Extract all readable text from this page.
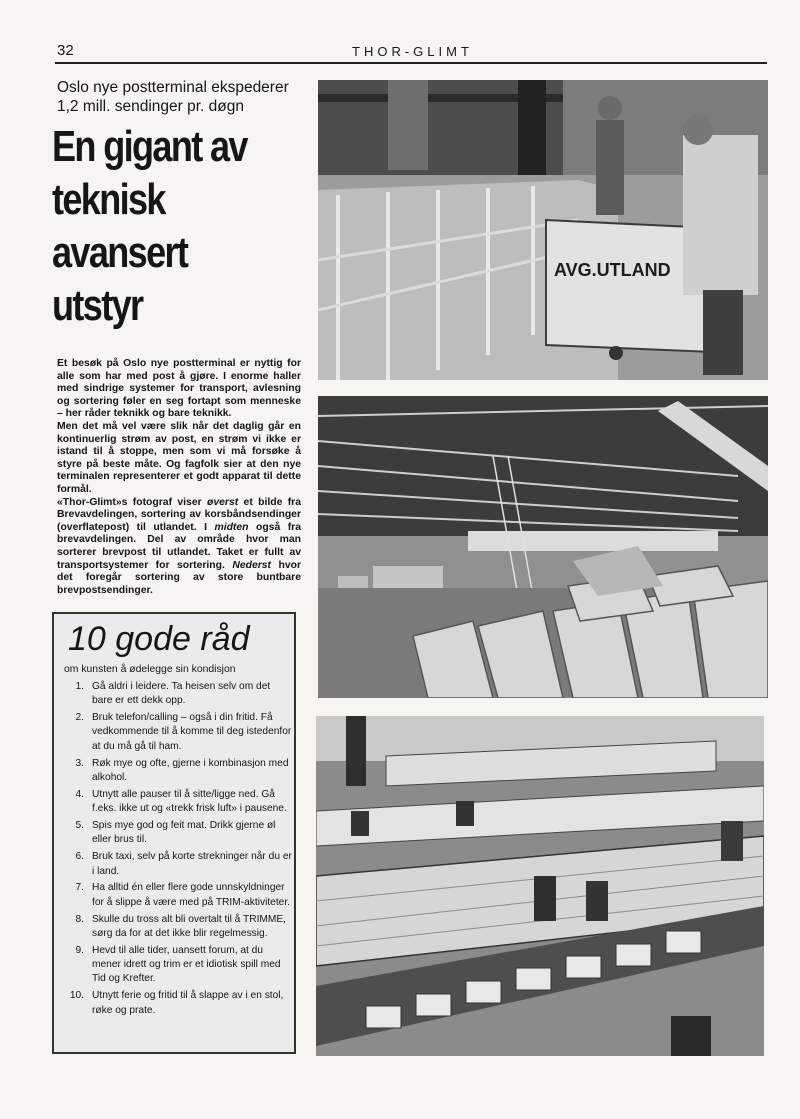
32	THOR-GLIMT
Oslo nye postterminal ekspederer 1,2 mill. sendinger pr. døgn
En gigant av teknisk avansert utstyr

Et besøk på Oslo nye postterminal er nyttig for alle som har med post å gjøre. I enorme haller med sindrige systemer for transport, avlesning og sortering føler en seg fortapt som menneske – her råder teknikk og bare teknikk.

Men det må vel være slik når det daglig går en kontinuerlig strøm av post, en strøm vi ikke er istand til å stoppe, men som vi må forsøke å styre på beste måte. Og fagfolk sier at den nye terminalen representerer et godt apparat til dette formål.

«Thor-Glimt»s fotograf viser øverst et bilde fra Brevavdelingen, sortering av korsbåndsendinger (overflatepost) til utlandet. I midten også fra brevavdelingen. Del av område hvor man sorterer brevpost til utlandet. Taket er fullt av transportsystemer for sortering. Nederst hvor det foregår sortering av store buntbare brevpostsendinger.

10 gode råd
om kunsten å ødelegge sin kondisjon
1. Gå aldri i leidere. Ta heisen selv om det bare er ett dekk opp.
2. Bruk telefon/calling – også i din fritid. Få vedkommende til å komme til deg istedenfor at du må gå til ham.
3. Røk mye og ofte, gjerne i kombinasjon med alkohol.
4. Utnytt alle pauser til å sitte/ligge ned. Gå f.eks. ikke ut og «trekk frisk luft» i pausene.
5. Spis mye god og feit mat. Drikk gjerne øl eller brus til.
6. Bruk taxi, selv på korte strekninger når du er i land.
7. Ha alltid én eller flere gode unnskyldninger for å slippe å være med på TRIM-aktiviteter.
8. Skulle du tross alt bli overtalt til å TRIMME, sørg da for at det ikke blir regelmessig.
9. Hevd til alle tider, uansett forum, at du mener idrett og trim er et idiotisk spill med Tid og Krefter.
10. Utnytt ferie og fritid til å slappe av i en stol, røke og prate.
AVG.UTLAND
